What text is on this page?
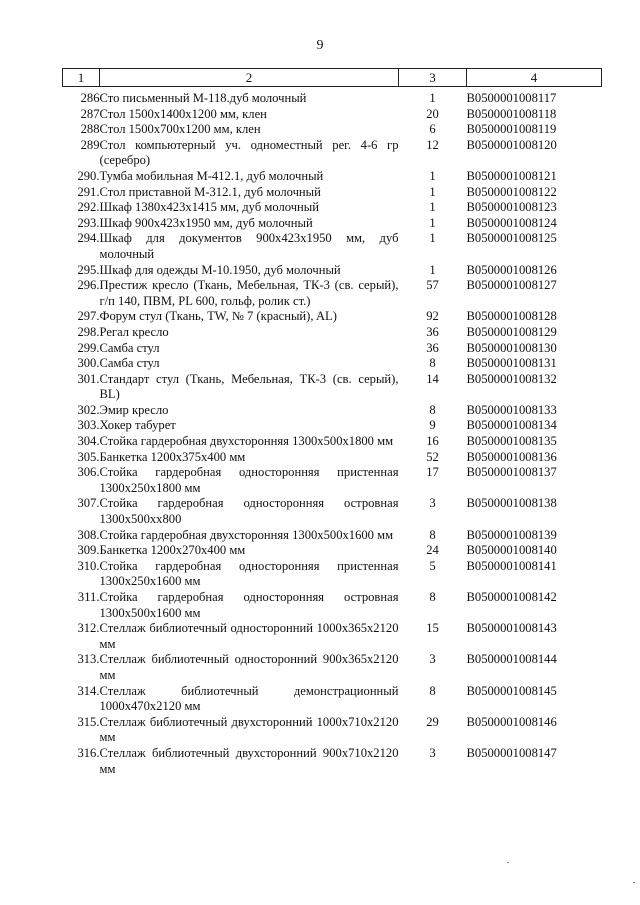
9
1	2	3	4
286	Сто письменный М-118.дуб молочный	1	B0500001008117
287	Стол 1500х1400х1200 мм, клен	20	B0500001008118
288	Стол 1500х700х1200 мм, клен	6	B0500001008119
289	Стол компьютерный уч. одноместный рег. 4-6 гр (серебро)	12	B0500001008120
290.	Тумба мобильная М-412.1, дуб молочный	1	B0500001008121
291.	Стол приставной М-312.1, дуб молочный	1	B0500001008122
292.	Шкаф 1380х423х1415 мм, дуб молочный	1	B0500001008123
293.	Шкаф 900х423х1950 мм, дуб молочный	1	B0500001008124
294.	Шкаф для документов 900х423х1950 мм, дуб молочный	1	B0500001008125
295.	Шкаф для одежды М-10.1950, дуб молочный	1	B0500001008126
296.	Престиж кресло (Ткань, Мебельная, ТК-3 (св. серый), г/п 140, ПВМ, PL 600, гольф, ролик ст.)	57	B0500001008127
297.	Форум стул (Ткань, TW, № 7 (красный), AL)	92	B0500001008128
298.	Регал кресло	36	B0500001008129
299.	Самба стул	36	B0500001008130
300.	Самба стул	8	B0500001008131
301.	Стандарт стул (Ткань, Мебельная, ТК-3 (св. серый), BL)	14	B0500001008132
302.	Эмир кресло	8	B0500001008133
303.	Хокер табурет	9	B0500001008134
304.	Стойка гардеробная двухсторонняя 1300х500х1800 мм	16	B0500001008135
305.	Банкетка 1200х375х400 мм	52	B0500001008136
306.	Стойка гардеробная односторонняя пристенная 1300х250х1800 мм	17	B0500001008137
307.	Стойка гардеробная односторонняя островная 1300х500хх800	3	B0500001008138
308.	Стойка гардеробная двухсторонняя 1300х500х1600 мм	8	B0500001008139
309.	Банкетка 1200х270х400 мм	24	B0500001008140
310.	Стойка гардеробная односторонняя пристенная 1300х250х1600 мм	5	B0500001008141
311.	Стойка гардеробная односторонняя островная 1300х500х1600 мм	8	B0500001008142
312.	Стеллаж библиотечный односторонний 1000х365х2120 мм	15	B0500001008143
313.	Стеллаж библиотечный односторонний 900х365х2120 мм	3	B0500001008144
314.	Стеллаж библиотечный демонстрационный 1000х470х2120 мм	8	B0500001008145
315.	Стеллаж библиотечный двухсторонний 1000х710х2120 мм	29	B0500001008146
316.	Стеллаж библиотечный двухсторонний 900х710х2120 мм	3	B0500001008147
